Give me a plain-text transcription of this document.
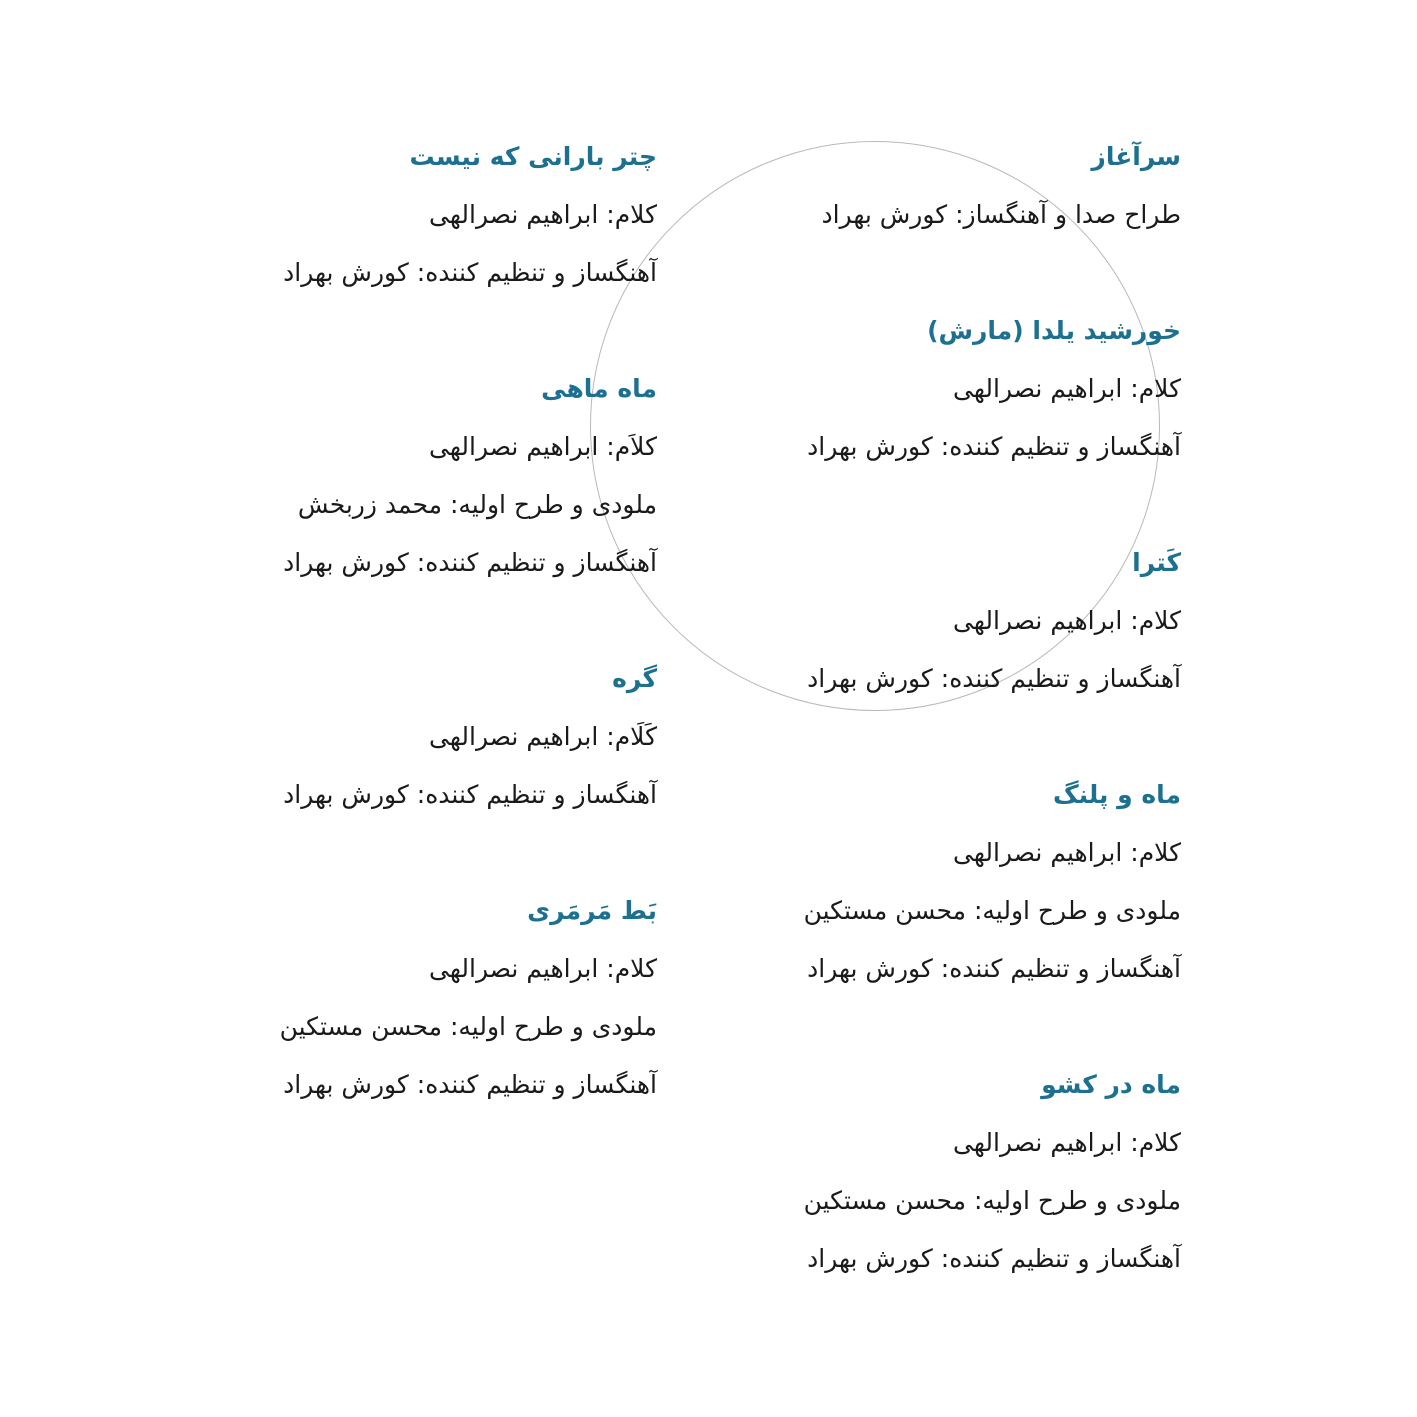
سرآغاز
طراح صدا و آهنگساز: کورش بهراد
خورشید یلدا (مارش)
کلام: ابراهیم نصرالهی
آهنگساز و تنظیم کننده: کورش بهراد
کَترا
کلام: ابراهیم نصرالهی
آهنگساز و تنظیم کننده: کورش بهراد
ماه و پلنگ
کلام: ابراهیم نصرالهی
ملودی و طرح اولیه: محسن مستکین
آهنگساز و تنظیم کننده: کورش بهراد
ماه در کشو
کلام: ابراهیم نصرالهی
ملودی و طرح اولیه: محسن مستکین
آهنگساز و تنظیم کننده: کورش بهراد
چتر بارانی که نیست
کلام: ابراهیم نصرالهی
آهنگساز و تنظیم کننده: کورش بهراد
ماه ماهی
کلاَم: ابراهیم نصرالهی
ملودی و طرح اولیه: محمد زربخش
آهنگساز و تنظیم کننده: کورش بهراد
گره
کَلَام: ابراهیم نصرالهی
آهنگساز و تنظیم کننده: کورش بهراد
بَط مَرمَری
کلام: ابراهیم نصرالهی
ملودی و طرح اولیه: محسن مستکین
آهنگساز و تنظیم کننده: کورش بهراد
